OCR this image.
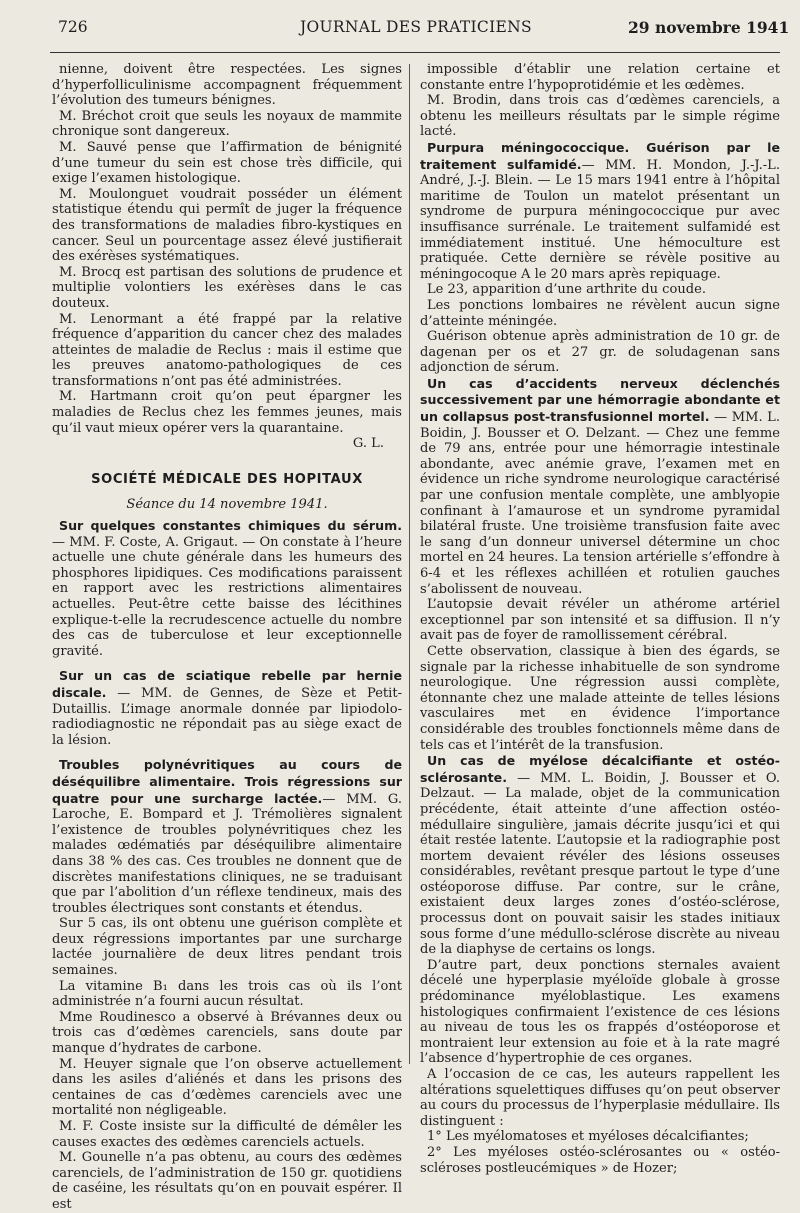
726	JOURNAL DES PRATICIENS	29 novembre 1941

nienne, doivent être respectées. Les signes d’hyperfolliculinisme accompagnent fréquemment l’évolution des tumeurs bénignes.

M. Bréchot croit que seuls les noyaux de mammite chronique sont dangereux.

M. Sauvé pense que l’affirmation de bénignité d’une tumeur du sein est chose très difficile, qui exige l’examen histologique.

M. Moulonguet voudrait posséder un élément statistique étendu qui permît de juger la fréquence des transformations de maladies fibro-kystiques en cancer. Seul un pourcentage assez élevé justifierait des exérèses systématiques.

M. Brocq est partisan des solutions de prudence et multiplie volontiers les exérèses dans le cas douteux.

M. Lenormant a été frappé par la relative fréquence d’apparition du cancer chez des malades atteintes de maladie de Reclus : mais il estime que les preuves anatomo-pathologiques de ces transformations n’ont pas été administrées.

M. Hartmann croit qu’on peut épargner les maladies de Reclus chez les femmes jeunes, mais qu’il vaut mieux opérer vers la quarantaine.

G. L.

SOCIÉTÉ MÉDICALE DES HOPITAUX
Séance du 14 novembre 1941.

Sur quelques constantes chimiques du sérum. — MM. F. Coste, A. Grigaut. — On constate à l’heure actuelle une chute générale dans les humeurs des phosphores lipidiques. Ces modifications paraissent en rapport avec les restrictions alimentaires actuelles. Peut-être cette baisse des lécithines explique-t-elle la recrudescence actuelle du nombre des cas de tuberculose et leur exceptionnelle gravité.

Sur un cas de sciatique rebelle par hernie discale. — MM. de Gennes, de Sèze et Petit-Dutaillis. L’image anormale donnée par lipiodolo-radiodiagnostic ne répondait pas au siège exact de la lésion.

Troubles polynévritiques au cours de déséquilibre alimentaire. Trois régressions sur quatre pour une surcharge lactée.— MM. G. Laroche, E. Bompard et J. Trémolières signalent l’existence de troubles polynévritiques chez les malades œdématiés par déséquilibre alimentaire dans 38 % des cas. Ces troubles ne donnent que de discrètes manifestations cliniques, ne se traduisant que par l’abolition d’un réflexe tendineux, mais des troubles électriques sont constants et étendus.

Sur 5 cas, ils ont obtenu une guérison complète et deux régressions importantes par une surcharge lactée journalière de deux litres pendant trois semaines.

La vitamine B₁ dans les trois cas où ils l’ont administrée n’a fourni aucun résultat.

Mme Roudinesco a observé à Brévannes deux ou trois cas d’œdèmes carenciels, sans doute par manque d’hydrates de carbone.

M. Heuyer signale que l’on observe actuellement dans les asiles d’aliénés et dans les prisons des centaines de cas d’œdèmes carenciels avec une mortalité non négligeable.

M. F. Coste insiste sur la difficulté de démêler les causes exactes des œdèmes carenciels actuels.

M. Gounelle n’a pas obtenu, au cours des œdèmes carenciels, de l’administration de 150 gr. quotidiens de caséine, les résultats qu’on en pouvait espérer. Il est

impossible d’établir une relation certaine et constante entre l’hypoprotidémie et les œdèmes.

M. Brodin, dans trois cas d’œdèmes carenciels, a obtenu les meilleurs résultats par le simple régime lacté.

Purpura méningococcique. Guérison par le traitement sulfamidé.— MM. H. Mondon, J.-J.-L. André, J.-J. Blein. — Le 15 mars 1941 entre à l’hôpital maritime de Toulon un matelot présentant un syndrome de purpura méningococcique pur avec insuffisance surrénale. Le traitement sulfamidé est immédiatement institué. Une hémoculture est pratiquée. Cette dernière se révèle positive au méningocoque A le 20 mars après repiquage.

Le 23, apparition d’une arthrite du coude.

Les ponctions lombaires ne révèlent aucun signe d’atteinte méningée.

Guérison obtenue après administration de 10 gr. de dagenan per os et 27 gr. de soludagenan sans adjonction de sérum.

Un cas d’accidents nerveux déclenchés successivement par une hémorragie abondante et un collapsus post-transfusionnel mortel. — MM. L. Boidin, J. Bousser et O. Delzant. — Chez une femme de 79 ans, entrée pour une hémorragie intestinale abondante, avec anémie grave, l’examen met en évidence un riche syndrome neurologique caractérisé par une confusion mentale complète, une amblyopie confinant à l’amaurose et un syndrome pyramidal bilatéral fruste. Une troisième transfusion faite avec le sang d’un donneur universel détermine un choc mortel en 24 heures. La tension artérielle s’effondre à 6-4 et les réflexes achilléen et rotulien gauches s’abolissent de nouveau.

L’autopsie devait révéler un athérome artériel exceptionnel par son intensité et sa diffusion. Il n’y avait pas de foyer de ramollissement cérébral.

Cette observation, classique à bien des égards, se signale par la richesse inhabituelle de son syndrome neurologique. Une régression aussi complète, étonnante chez une malade atteinte de telles lésions vasculaires met en évidence l’importance considérable des troubles fonctionnels même dans de tels cas et l’intérêt de la transfusion.

Un cas de myélose décalcifiante et ostéo-sclérosante. — MM. L. Boidin, J. Bousser et O. Delzaut. — La malade, objet de la communication précédente, était atteinte d’une affection ostéo-médullaire singulière, jamais décrite jusqu’ici et qui était restée latente. L’autopsie et la radiographie post mortem devaient révéler des lésions osseuses considérables, revêtant presque partout le type d’une ostéoporose diffuse. Par contre, sur le crâne, existaient deux larges zones d’ostéo-sclérose, processus dont on pouvait saisir les stades initiaux sous forme d’une médullo-sclérose discrète au niveau de la diaphyse de certains os longs.

D’autre part, deux ponctions sternales avaient décelé une hyperplasie myéloïde globale à grosse prédominance myéloblastique. Les examens histologiques confirmaient l’existence de ces lésions au niveau de tous les os frappés d’ostéoporose et montraient leur extension au foie et à la rate magré l’absence d’hypertrophie de ces organes.

A l’occasion de ce cas, les auteurs rappellent les altérations squelettiques diffuses qu’on peut observer au cours du processus de l’hyperplasie médullaire. Ils distinguent :

1° Les myélomatoses et myéloses décalcifiantes;

2° Les myéloses ostéo-sclérosantes ou « ostéo-scléroses postleucémiques » de Hozer;
